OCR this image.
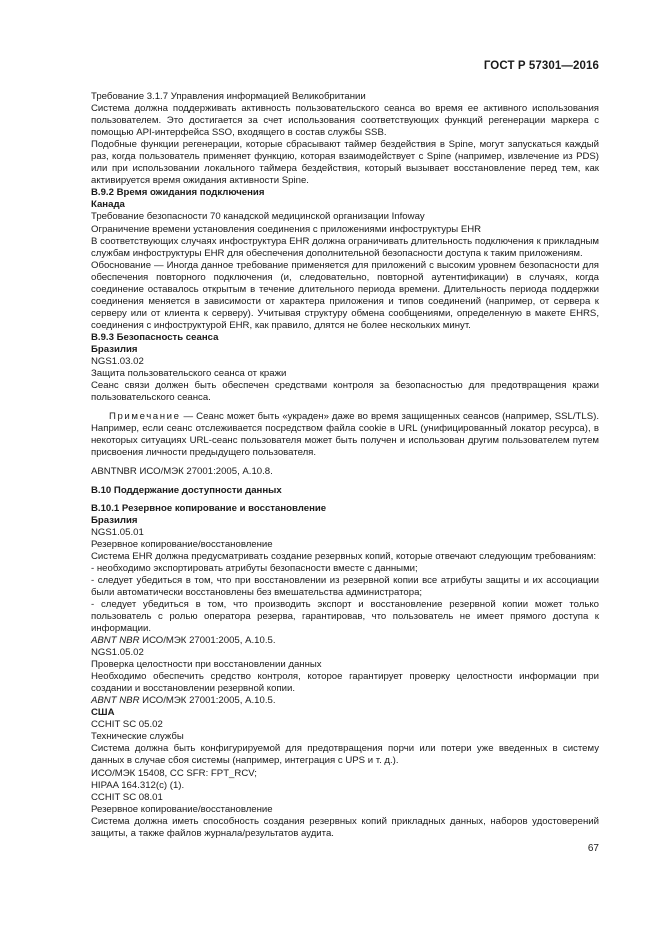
ГОСТ Р 57301—2016

Требование 3.1.7 Управления информацией Великобритании

Система должна поддерживать активность пользовательского сеанса во время ее активного использования пользователем. Это достигается за счет использования соответствующих функций регенерации маркера с помощью API-интерфейса SSO, входящего в состав службы SSB.

Подобные функции регенерации, которые сбрасывают таймер бездействия в Spine, могут запускаться каждый раз, когда пользователь применяет функцию, которая взаимодействует с Spine (например, извлечение из PDS) или при использовании локального таймера бездействия, который вызывает восстановление перед тем, как активируется время ожидания активности Spine.

B.9.2 Время ожидания подключения

Канада

Требование безопасности 70 канадской медицинской организации Infoway

Ограничение времени установления соединения с приложениями инфоструктуры EHR

В соответствующих случаях инфоструктура EHR должна ограничивать длительность подключения к прикладным службам инфоструктуры EHR для обеспечения дополнительной безопасности доступа к таким приложениям.

Обоснование — Иногда данное требование применяется для приложений с высоким уровнем безопасности для обеспечения повторного подключения (и, следовательно, повторной аутентификации) в случаях, когда соединение оставалось открытым в течение длительного периода времени. Длительность периода поддержки соединения меняется в зависимости от характера приложения и типов соединений (например, от сервера к серверу или от клиента к серверу). Учитывая структуру обмена сообщениями, определенную в макете EHRS, соединения с инфоструктурой EHR, как правило, длятся не более нескольких минут.

B.9.3 Безопасность сеанса

Бразилия

NGS1.03.02

Защита пользовательского сеанса от кражи

Сеанс связи должен быть обеспечен средствами контроля за безопасностью для предотвращения кражи пользовательского сеанса.

Примечание — Сеанс может быть «украден» даже во время защищенных сеансов (например, SSL/TLS). Например, если сеанс отслеживается посредством файла cookie в URL (унифицированный локатор ресурса), в некоторых ситуациях URL-сеанс пользователя может быть получен и использован другим пользователем путем присвоения личности предыдущего пользователя.

ABNTNBR ИСО/МЭК 27001:2005, A.10.8.

B.10 Поддержание доступности данных

B.10.1 Резервное копирование и восстановление

Бразилия

NGS1.05.01

Резервное копирование/восстановление

Система EHR должна предусматривать создание резервных копий, которые отвечают следующим требованиям:

- необходимо экспортировать атрибуты безопасности вместе с данными;

- следует убедиться в том, что при восстановлении из резервной копии все атрибуты защиты и их ассоциации были автоматически восстановлены без вмешательства администратора;

- следует убедиться в том, что производить экспорт и восстановление резервной копии может только пользователь с ролью оператора резерва, гарантировав, что пользователь не имеет прямого доступа к информации.

ABNT NBR ИСО/МЭК 27001:2005, A.10.5.

NGS1.05.02

Проверка целостности при восстановлении данных

Необходимо обеспечить средство контроля, которое гарантирует проверку целостности информации при создании и восстановлении резервной копии.

ABNT NBR ИСО/МЭК 27001:2005, A.10.5.

США

CCHIT SC 05.02

Технические службы

Система должна быть конфигурируемой для предотвращения порчи или потери уже введенных в систему данных в случае сбоя системы (например, интеграция с UPS и т. д.).

ИСО/МЭК 15408, CC SFR: FPT_RCV;

HIPAA 164.312(c) (1).

CCHIT SC 08.01

Резервное копирование/восстановление

Система должна иметь способность создания резервных копий прикладных данных, наборов удостоверений защиты, а также файлов журнала/результатов аудита.

67
